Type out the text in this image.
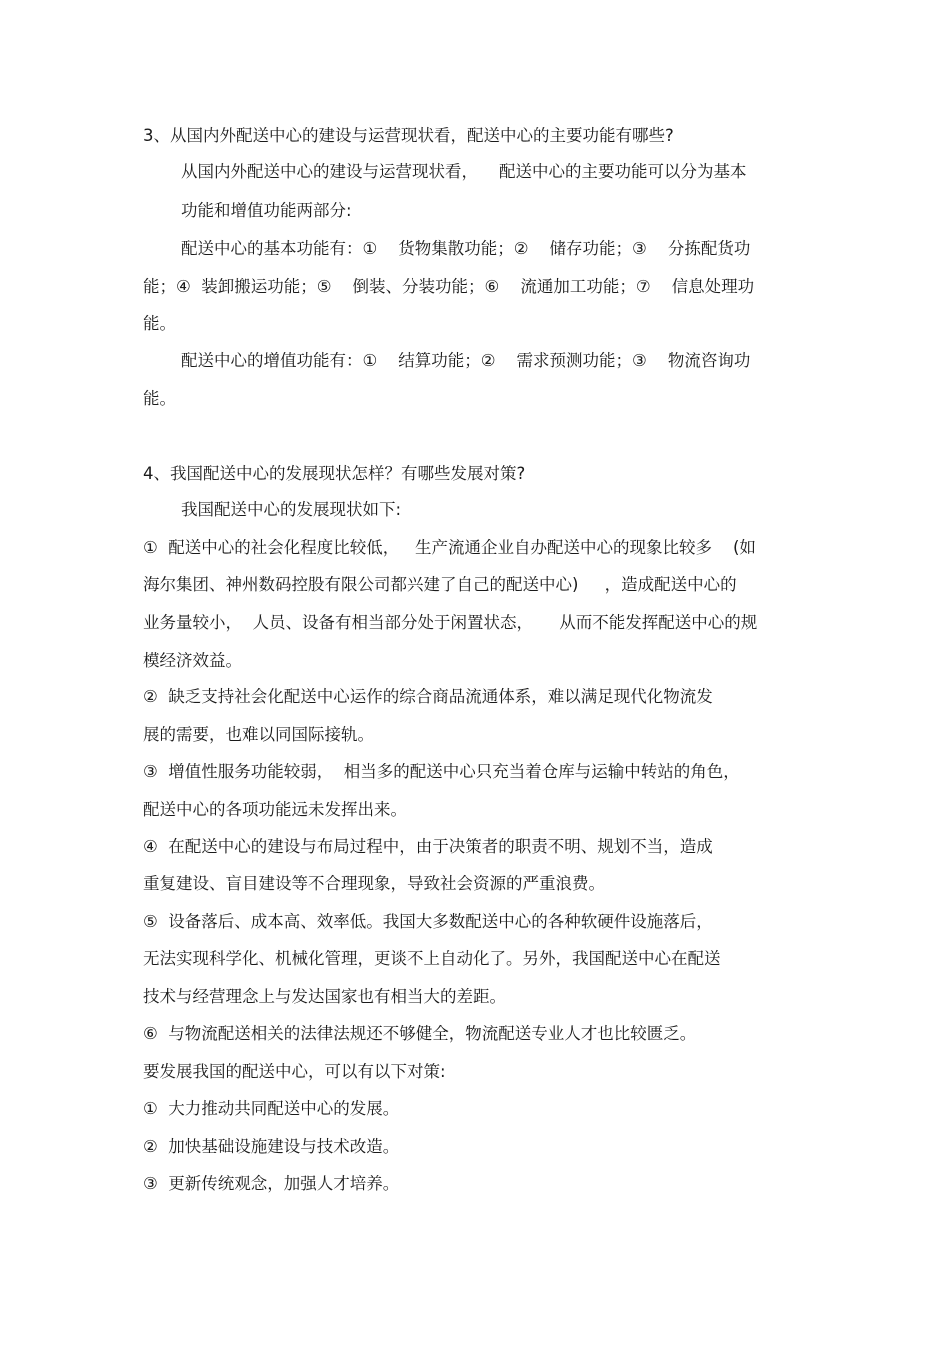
3、从国内外配送中心的建设与运营现状看，配送中心的主要功能有哪些?
从国内外配送中心的建设与运营现状看，    配送中心的主要功能可以分为基本
功能和增值功能两部分:
配送中心的基本功能有：①    货物集散功能；②    储存功能；③    分拣配货功
能；④  装卸搬运功能；⑤    倒装、分装功能；⑥    流通加工功能；⑦    信息处理功
能。
配送中心的增值功能有：①    结算功能；②    需求预测功能；③    物流咨询功
能。
4、我国配送中心的发展现状怎样？有哪些发展对策?
我国配送中心的发展现状如下:
①  配送中心的社会化程度比较低，   生产流通企业自办配送中心的现象比较多    (如
海尔集团、神州数码控股有限公司都兴建了自己的配送中心)     ，造成配送中心的
业务量较小，  人员、设备有相当部分处于闲置状态，     从而不能发挥配送中心的规
模经济效益。
②  缺乏支持社会化配送中心运作的综合商品流通体系，难以满足现代化物流发
展的需要，也难以同国际接轨。
③  增值性服务功能较弱，  相当多的配送中心只充当着仓库与运输中转站的角色，
配送中心的各项功能远未发挥出来。
④  在配送中心的建设与布局过程中，由于决策者的职责不明、规划不当，造成
重复建设、盲目建设等不合理现象，导致社会资源的严重浪费。
⑤  设备落后、成本高、效率低。我国大多数配送中心的各种软硬件设施落后，
无法实现科学化、机械化管理，更谈不上自动化了。另外，我国配送中心在配送
技术与经营理念上与发达国家也有相当大的差距。
⑥  与物流配送相关的法律法规还不够健全，物流配送专业人才也比较匮乏。
要发展我国的配送中心，可以有以下对策:
①  大力推动共同配送中心的发展。
②  加快基础设施建设与技术改造。
③  更新传统观念，加强人才培养。
